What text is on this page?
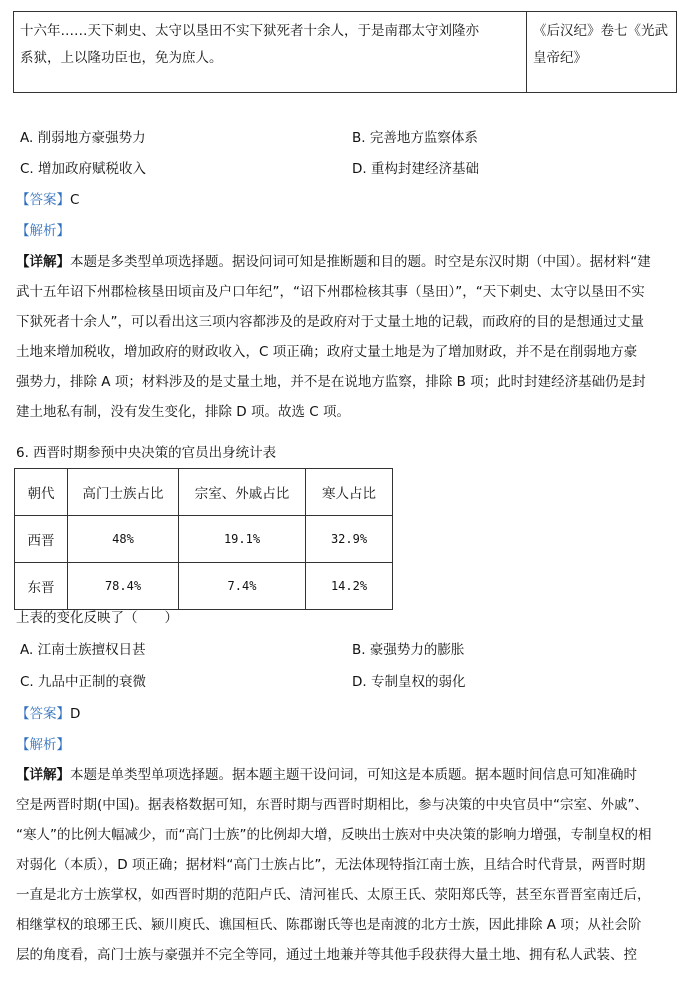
十六年……天下刺史、太守以垦田不实下狱死者十余人，于是南郡太守刘隆亦
系狱，上以隆功臣也，免为庶人。

《后汉纪》卷七《光武
皇帝纪》
A. 削弱地方豪强势力	B. 完善地方监察体系
C. 增加政府赋税收入	D. 重构封建经济基础
【答案】C
【解析】
【详解】本题是多类型单项选择题。据设问词可知是推断题和目的题。时空是东汉时期（中国）。据材料“建
武十五年诏下州郡检核垦田顷亩及户口年纪”，“诏下州郡检核其事（垦田）”，“天下刺史、太守以垦田不实
下狱死者十余人”，可以看出这三项内容都涉及的是政府对于丈量土地的记载，而政府的目的是想通过丈量
土地来增加税收，增加政府的财政收入，C 项正确；政府丈量土地是为了增加财政，并不是在削弱地方豪
强势力，排除 A 项；材料涉及的是丈量土地，并不是在说地方监察，排除 B 项；此时封建经济基础仍是封
建土地私有制，没有发生变化，排除 D 项。故选 C 项。
6. 西晋时期参预中央决策的官员出身统计表
朝代	高门士族占比	宗室、外戚占比	寒人占比
西晋	48%	19.1%	32.9%
东晋	78.4%	7.4%	14.2%
上表的变化反映了（　　）
A. 江南士族擅权日甚	B. 豪强势力的膨胀
C. 九品中正制的衰微	D. 专制皇权的弱化
【答案】D
【解析】
【详解】本题是单类型单项选择题。据本题主题干设问词，可知这是本质题。据本题时间信息可知准确时
空是两晋时期(中国)。据表格数据可知，东晋时期与西晋时期相比，参与决策的中央官员中“宗室、外戚”、
“寒人”的比例大幅减少，而“高门士族”的比例却大增，反映出士族对中央决策的影响力增强，专制皇权的相
对弱化（本质），D 项正确；据材料“高门士族占比”，无法体现特指江南士族，且结合时代背景，两晋时期
一直是北方士族掌权，如西晋时期的范阳卢氏、清河崔氏、太原王氏、荥阳郑氏等，甚至东晋晋室南迁后，
相继掌权的琅琊王氏、颍川庾氏、谯国桓氏、陈郡谢氏等也是南渡的北方士族，因此排除 A 项；从社会阶
层的角度看，高门士族与豪强并不完全等同，通过土地兼并等其他手段获得大量土地、拥有私人武装、控
